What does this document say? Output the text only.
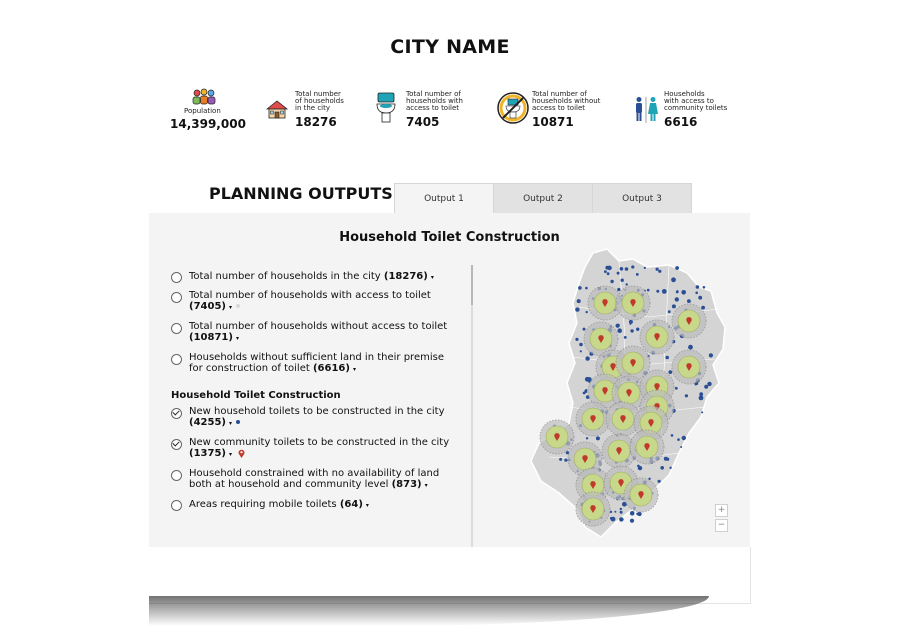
CITY NAME
Population
14,399,000
Total number
of households
in the city
18276
Total number of
households with
access to toilet
7405
Total number of
households without
access to toilet
10871
Households
with access to
community toilets
6616
PLANNING OUTPUTS	Output 1	Output 2	Output 3
Household Toilet Construction
Total number of households in the city (18276) ▾
Total number of households with access to toilet
(7405) ▾
Total number of households without access to toilet
(10871) ▾
Households without sufficient land in their premise
for construction of toilet (6616) ▾
Household Toilet Construction
New household toilets to be constructed in the city
(4255) ▾
New community toilets to be constructed in the city
(1375) ▾
Household constrained with no availability of land
both at household and community level (873) ▾
Areas requiring mobile toilets (64) ▾	+
−
